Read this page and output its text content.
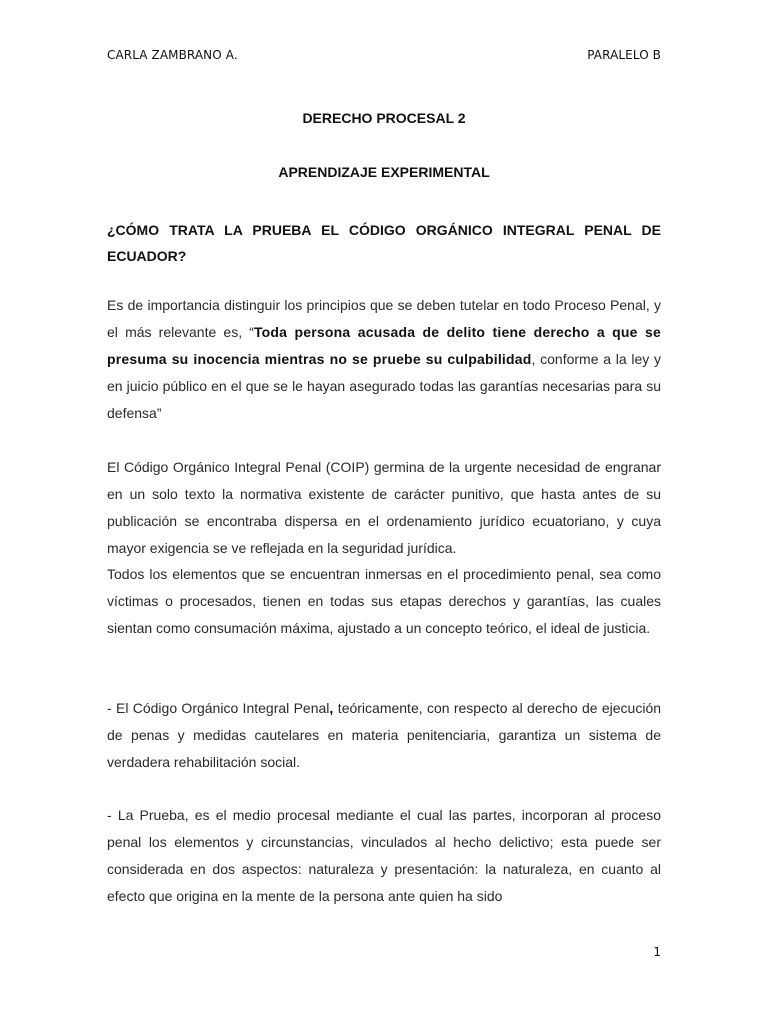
CARLA ZAMBRANO A.	PARALELO B
DERECHO PROCESAL 2
APRENDIZAJE EXPERIMENTAL
¿CÓMO TRATA LA PRUEBA EL CÓDIGO ORGÁNICO INTEGRAL PENAL DE ECUADOR?

Es de importancia distinguir los principios que se deben tutelar en todo Proceso Penal, y el más relevante es, “Toda persona acusada de delito tiene derecho a que se presuma su inocencia mientras no se pruebe su culpabilidad, conforme a la ley y en juicio público en el que se le hayan asegurado todas las garantías necesarias para su defensa”

El Código Orgánico Integral Penal (COIP) germina de la urgente necesidad de engranar en un solo texto la normativa existente de carácter punitivo, que hasta antes de su publicación se encontraba dispersa en el ordenamiento jurídico ecuatoriano, y cuya mayor exigencia se ve reflejada en la seguridad jurídica.

Todos los elementos que se encuentran inmersas en el procedimiento penal, sea como víctimas o procesados, tienen en todas sus etapas derechos y garantías, las cuales sientan como consumación máxima, ajustado a un concepto teórico, el ideal de justicia.

- El Código Orgánico Integral Penal, teóricamente, con respecto al derecho de ejecución de penas y medidas cautelares en materia penitenciaria, garantiza un sistema de verdadera rehabilitación social.

- La Prueba, es el medio procesal mediante el cual las partes, incorporan al proceso penal los elementos y circunstancias, vinculados al hecho delictivo; esta puede ser considerada en dos aspectos: naturaleza y presentación: la naturaleza, en cuanto al efecto que origina en la mente de la persona ante quien ha sido

1
